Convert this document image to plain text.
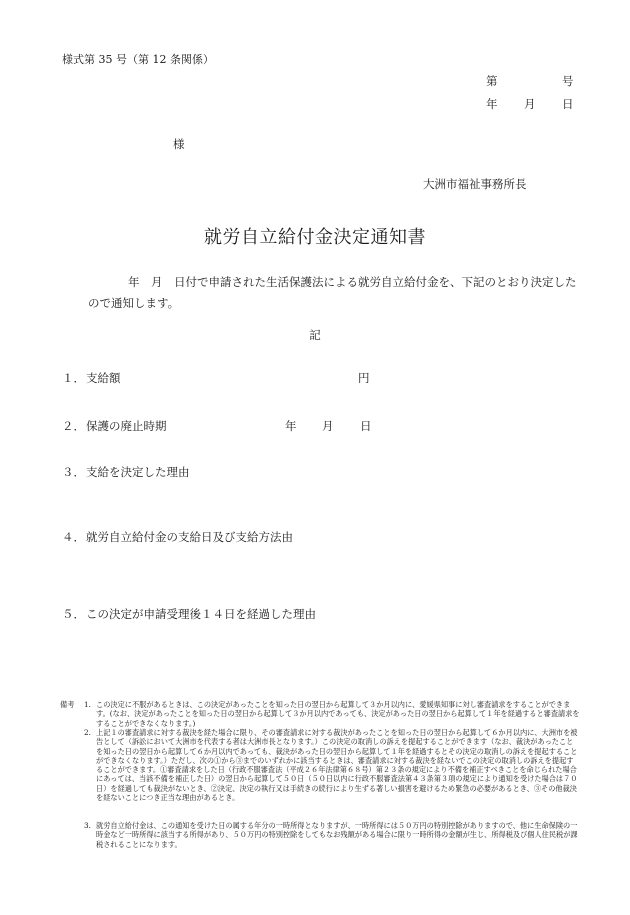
様式第 35 号（第 12 条関係）
第	号
年 月 日
様
大洲市福祉事務所長
就労自立給付金決定通知書
年　月　日付で申請された生活保護法による就労自立給付金を、下記のとおり決定したので通知します。
記
１．支給額	円
２．保護の廃止時期	年 月 日
３．支給を決定した理由
４．就労自立給付金の支給日及び支給方法由
５．この決定が申請受理後１４日を経過した理由
備考 1. この決定に不服があるときは、この決定があったことを知った日の翌日から起算して３か月以内に、愛媛県知事に対し審査請求をすることができます。(なお、決定があったことを知った日の翌日から起算して３か月以内であっても、決定があった日の翌日から起算して１年を経過すると審査請求をすることができなくなります。)
2. 上記１の審査請求に対する裁決を経た場合に限り、その審査請求に対する裁決があったことを知った日の翌日から起算して６か月以内に、大洲市を被告として（訴訟において大洲市を代表する者は大洲市長となります。）この決定の取消しの訴えを提起することができます（なお、裁決があったことを知った日の翌日から起算して６か月以内であっても、裁決があった日の翌日から起算して１年を経過するとその決定の取消しの訴えを提起することができなくなります。）ただし、次の①から③までのいずれかに該当するときは、審査請求に対する裁決を経ないでこの決定の取消しの訴えを提起することができます。①審査請求をした日（行政不服審査法（平成２６年法律第６８号）第２３条の規定により不備を補正すべきことを命じられた場合にあっては、当該不備を補正した日）の翌日から起算して５０日（５０日以内に行政不服審査法第４３条第３項の規定により通知を受けた場合は７０日）を経過しても裁決がないとき、②決定、決定の執行又は手続きの続行により生ずる著しい損害を避けるため緊急の必要があるとき、③その他裁決を経ないことにつき正当な理由があるとき。
3. 就労自立給付金は、この通知を受けた日の属する年分の一時所得となりますが、一時所得には５０万円の特別控除がありますので、他に生命保険の一時金など一時所得に該当する所得があり、５０万円の特別控除をしてもなお残額がある場合に限り一時所得の金額が生じ、所得税及び個人住民税が課税されることになります。
